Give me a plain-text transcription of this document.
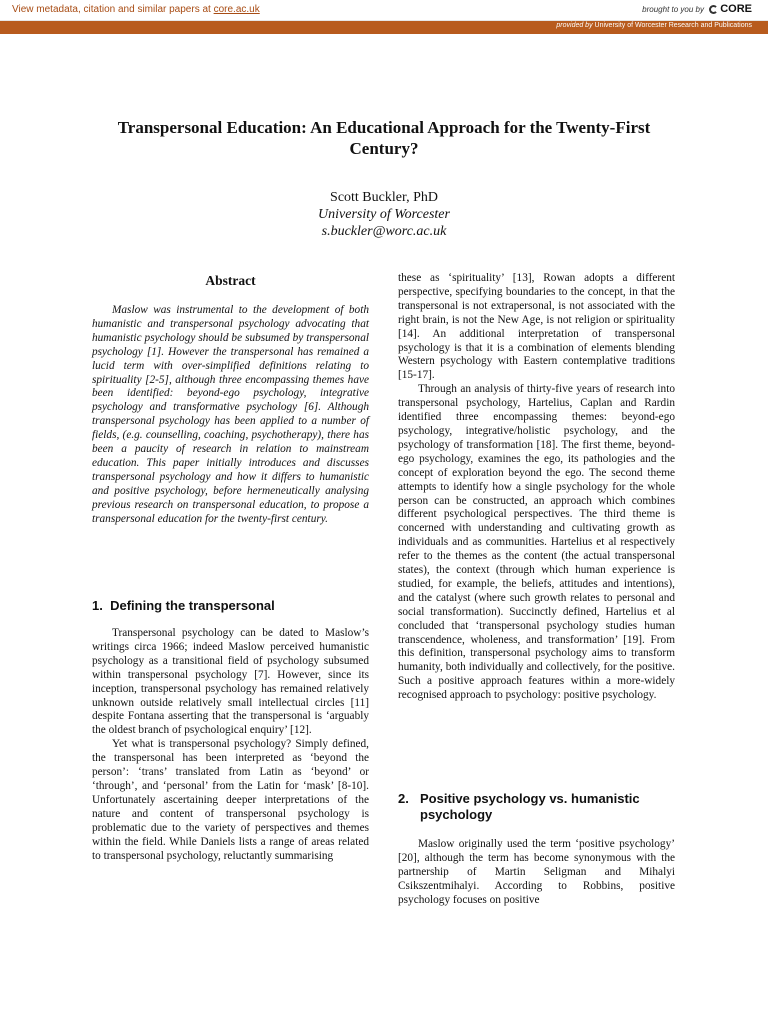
View metadata, citation and similar papers at core.ac.uk	brought to you by CORE
provided by University of Worcester Research and Publications
Transpersonal Education: An Educational Approach for the Twenty-First
Century?
Scott Buckler, PhD
University of Worcester
s.buckler@worc.ac.uk
Abstract

Maslow was instrumental to the development of both humanistic and transpersonal psychology advocating that humanistic psychology should be subsumed by transpersonal psychology [1]. However the transpersonal has remained a lucid term with over-simplified definitions relating to spirituality [2-5], although three encompassing themes have been identified: beyond-ego psychology, integrative psychology and transformative psychology [6]. Although transpersonal psychology has been applied to a number of fields, (e.g. counselling, coaching, psychotherapy), there has been a paucity of research in relation to mainstream education. This paper initially introduces and discusses transpersonal psychology and how it differs to humanistic and positive psychology, before hermeneutically analysing previous research on transpersonal education, to propose a transpersonal education for the twenty-first century.

1. Defining the transpersonal

Transpersonal psychology can be dated to Maslow’s writings circa 1966; indeed Maslow perceived humanistic psychology as a transitional field of psychology subsumed within transpersonal psychology [7]. However, since its inception, transpersonal psychology has remained relatively unknown outside relatively small intellectual circles [11] despite Fontana asserting that the transpersonal is ‘arguably the oldest branch of psychological enquiry’ [12].

Yet what is transpersonal psychology? Simply defined, the transpersonal has been interpreted as ‘beyond the person’: ‘trans’ translated from Latin as ‘beyond’ or ‘through’, and ‘personal’ from the Latin for ‘mask’ [8-10]. Unfortunately ascertaining deeper interpretations of the nature and content of transpersonal psychology is problematic due to the variety of perspectives and themes within the field. While Daniels lists a range of areas related to transpersonal psychology, reluctantly summarising

these as ‘spirituality’ [13], Rowan adopts a different perspective, specifying boundaries to the concept, in that the transpersonal is not extrapersonal, is not associated with the right brain, is not the New Age, is not religion or spirituality [14]. An additional interpretation of transpersonal psychology is that it is a combination of elements blending Western psychology with Eastern contemplative traditions [15-17].

Through an analysis of thirty-five years of research into transpersonal psychology, Hartelius, Caplan and Rardin identified three encompassing themes: beyond-ego psychology, integrative/holistic psychology, and the psychology of transformation [18]. The first theme, beyond-ego psychology, examines the ego, its pathologies and the concept of exploration beyond the ego. The second theme attempts to identify how a single psychology for the whole person can be constructed, an approach which combines different psychological perspectives. The third theme is concerned with understanding and cultivating growth as individuals and as communities. Hartelius et al respectively refer to the themes as the content (the actual transpersonal states), the context (through which human experience is studied, for example, the beliefs, attitudes and intentions), and the catalyst (where such growth relates to personal and social transformation). Succinctly defined, Hartelius et al concluded that ‘transpersonal psychology studies human transcendence, wholeness, and transformation’ [19]. From this definition, transpersonal psychology aims to transform humanity, both individually and collectively, for the positive. Such a positive approach features within a more-widely recognised approach to psychology: positive psychology.

2. Positive psychology vs. humanistic
psychology

Maslow originally used the term ‘positive psychology’ [20], although the term has become synonymous with the partnership of Martin Seligman and Mihalyi Csikszentmihalyi. According to Robbins, positive psychology focuses on positive
